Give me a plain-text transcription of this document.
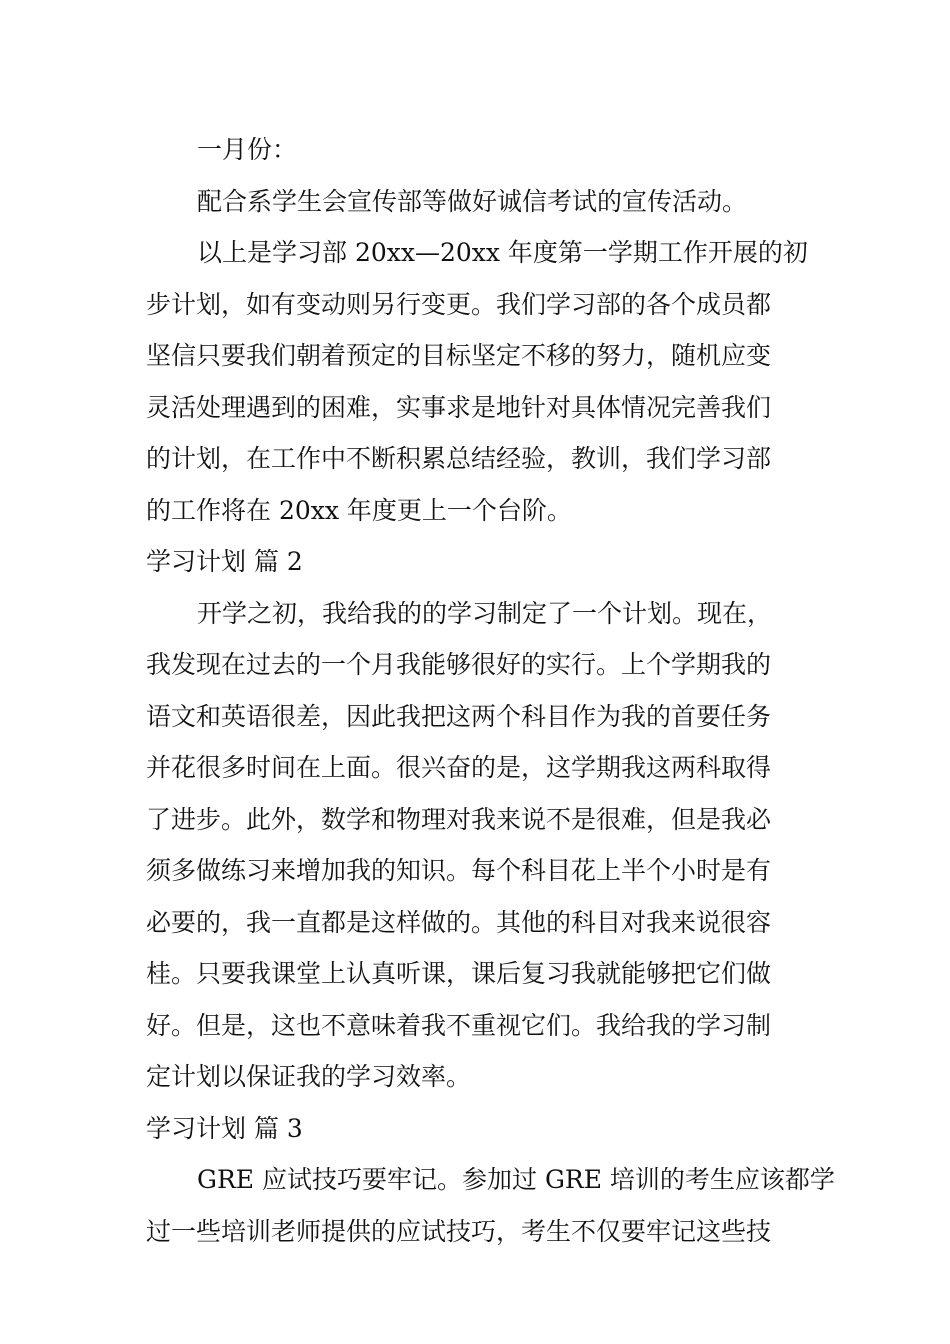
一月份：
配合系学生会宣传部等做好诚信考试的宣传活动。
以上是学习部 20xx—20xx 年度第一学期工作开展的初
步计划，如有变动则另行变更。我们学习部的各个成员都
坚信只要我们朝着预定的目标坚定不移的努力，随机应变
灵活处理遇到的困难，实事求是地针对具体情况完善我们
的计划，在工作中不断积累总结经验，教训，我们学习部
的工作将在 20xx 年度更上一个台阶。
学习计划 篇 2
开学之初，我给我的的学习制定了一个计划。现在，
我发现在过去的一个月我能够很好的实行。上个学期我的
语文和英语很差，因此我把这两个科目作为我的首要任务
并花很多时间在上面。很兴奋的是，这学期我这两科取得
了进步。此外，数学和物理对我来说不是很难，但是我必
须多做练习来增加我的知识。每个科目花上半个小时是有
必要的，我一直都是这样做的。其他的科目对我来说很容
桂。只要我课堂上认真听课，课后复习我就能够把它们做
好。但是，这也不意味着我不重视它们。我给我的学习制
定计划以保证我的学习效率。
学习计划 篇 3
GRE 应试技巧要牢记。参加过 GRE 培训的考生应该都学
过一些培训老师提供的应试技巧，考生不仅要牢记这些技
